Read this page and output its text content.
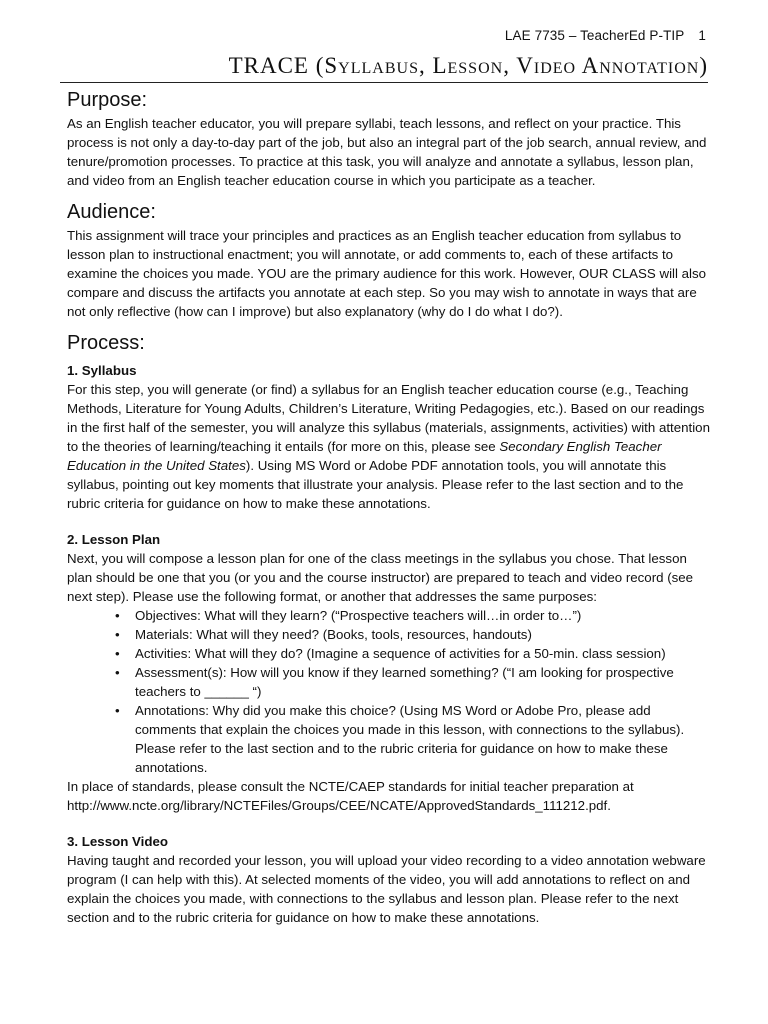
LAE 7735 – TeacherEd P-TIP 1
TRACE (Syllabus, Lesson, Video Annotation)
Purpose:

As an English teacher educator, you will prepare syllabi, teach lessons, and reflect on your practice. This process is not only a day-to-day part of the job, but also an integral part of the job search, annual review, and tenure/promotion processes. To practice at this task, you will analyze and annotate a syllabus, lesson plan, and video from an English teacher education course in which you participate as a teacher.

Audience:

This assignment will trace your principles and practices as an English teacher education from syllabus to lesson plan to instructional enactment; you will annotate, or add comments to, each of these artifacts to examine the choices you made. YOU are the primary audience for this work. However, OUR CLASS will also compare and discuss the artifacts you annotate at each step. So you may wish to annotate in ways that are not only reflective (how can I improve) but also explanatory (why do I do what I do?).

Process:

1. Syllabus

For this step, you will generate (or find) a syllabus for an English teacher education course (e.g., Teaching Methods, Literature for Young Adults, Children’s Literature, Writing Pedagogies, etc.). Based on our readings in the first half of the semester, you will analyze this syllabus (materials, assignments, activities) with attention to the theories of learning/teaching it entails (for more on this, please see Secondary English Teacher Education in the United States). Using MS Word or Adobe PDF annotation tools, you will annotate this syllabus, pointing out key moments that illustrate your analysis. Please refer to the last section and to the rubric criteria for guidance on how to make these annotations.

2. Lesson Plan

Next, you will compose a lesson plan for one of the class meetings in the syllabus you chose. That lesson plan should be one that you (or you and the course instructor) are prepared to teach and video record (see next step). Please use the following format, or another that addresses the same purposes:

• Objectives: What will they learn? (“Prospective teachers will…in order to…”)
• Materials: What will they need? (Books, tools, resources, handouts)
• Activities: What will they do? (Imagine a sequence of activities for a 50-min. class session)
• Assessment(s): How will you know if they learned something? (“I am looking for prospective teachers to ______ “)
• Annotations: Why did you make this choice? (Using MS Word or Adobe Pro, please add comments that explain the choices you made in this lesson, with connections to the syllabus). Please refer to the last section and to the rubric criteria for guidance on how to make these annotations.

In place of standards, please consult the NCTE/CAEP standards for initial teacher preparation at http://www.ncte.org/library/NCTEFiles/Groups/CEE/NCATE/ApprovedStandards_111212.pdf.

3. Lesson Video

Having taught and recorded your lesson, you will upload your video recording to a video annotation webware program (I can help with this). At selected moments of the video, you will add annotations to reflect on and explain the choices you made, with connections to the syllabus and lesson plan. Please refer to the next section and to the rubric criteria for guidance on how to make these annotations.
